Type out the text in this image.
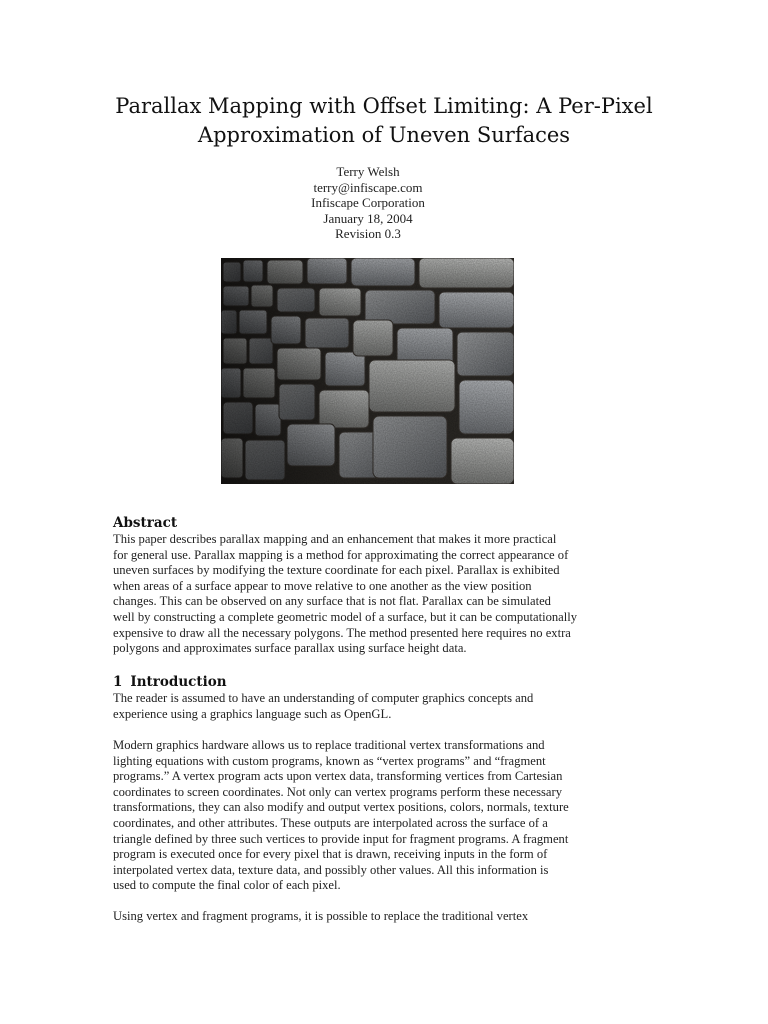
Parallax Mapping with Offset Limiting: A Per-Pixel
Approximation of Uneven Surfaces
Terry Welsh
terry@infiscape.com
Infiscape Corporation
January 18, 2004
Revision 0.3
Abstract

This paper describes parallax mapping and an enhancement that makes it more practical
for general use. Parallax mapping is a method for approximating the correct appearance of
uneven surfaces by modifying the texture coordinate for each pixel. Parallax is exhibited
when areas of a surface appear to move relative to one another as the view position
changes. This can be observed on any surface that is not flat. Parallax can be simulated
well by constructing a complete geometric model of a surface, but it can be computationally
expensive to draw all the necessary polygons. The method presented here requires no extra
polygons and approximates surface parallax using surface height data.

1 Introduction

The reader is assumed to have an understanding of computer graphics concepts and
experience using a graphics language such as OpenGL.

Modern graphics hardware allows us to replace traditional vertex transformations and
lighting equations with custom programs, known as “vertex programs” and “fragment
programs.” A vertex program acts upon vertex data, transforming vertices from Cartesian
coordinates to screen coordinates. Not only can vertex programs perform these necessary
transformations, they can also modify and output vertex positions, colors, normals, texture
coordinates, and other attributes. These outputs are interpolated across the surface of a
triangle defined by three such vertices to provide input for fragment programs. A fragment
program is executed once for every pixel that is drawn, receiving inputs in the form of
interpolated vertex data, texture data, and possibly other values. All this information is
used to compute the final color of each pixel.

Using vertex and fragment programs, it is possible to replace the traditional vertex
